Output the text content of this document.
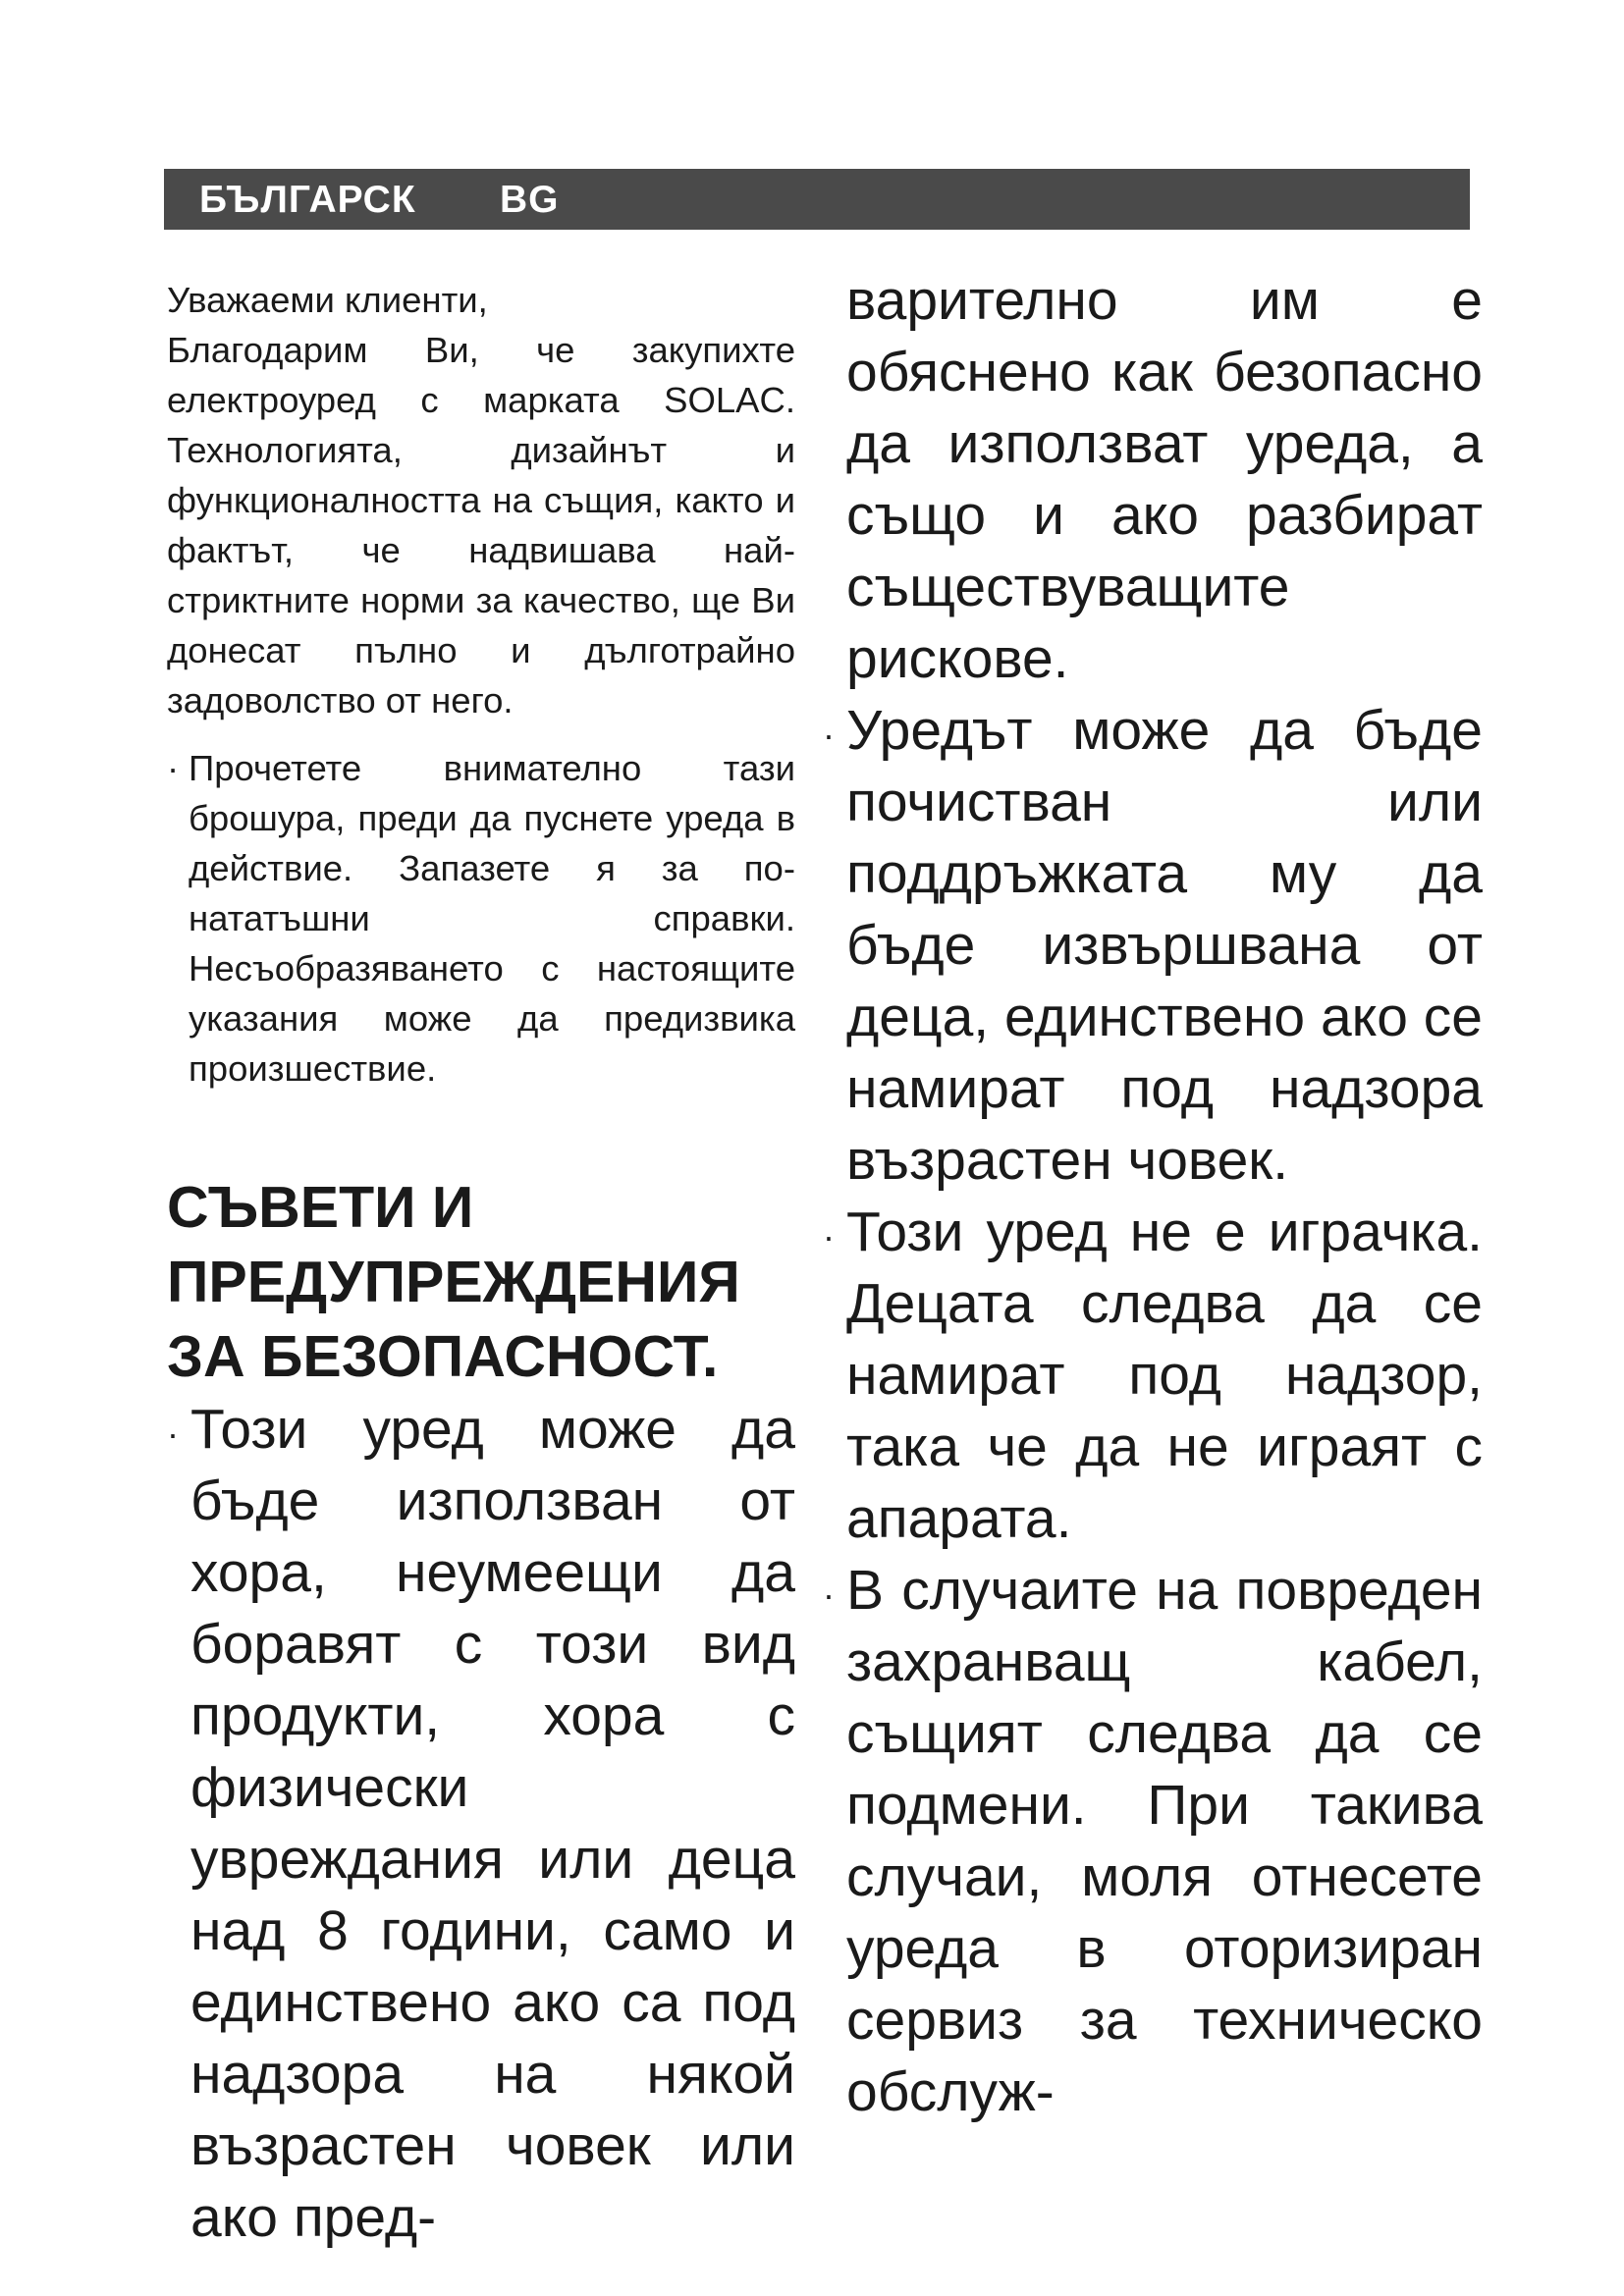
БЪЛГАРСК BG

Уважаеми клиенти,

Благодарим Ви, че закупихте електроуред с марката SOLAC. Технологията, дизайнът и функционалността на същия, както и фактът, че надвишава най-стриктните норми за качество, ще Ви донесат пълно и дълготрайно задоволство от него.

· Прочетете внимателно тази брошура, преди да пуснете уреда в действие. Запазете я за по-нататъшни справки. Несъобразяването с настоящите указания може да предизвика произшествие.
СЪВЕТИ И ПРЕДУПРЕЖДЕНИЯ ЗА БЕЗОПАСНОСТ.
· Този уред може да бъде използван от хора, неумеещи да боравят с този вид продукти, хора с физически увреждания или деца над 8 години, само и единствено ако са под надзора на някой възрастен човек или ако пред-
варително им е обяснено как безопасно да използват уреда, а също и ако разбират съществуващите рискове.
· Уредът може да бъде почистван или поддръжката му да бъде извършвана от деца, единствено ако се намират под надзора възрастен човек.
· Този уред не е играчка. Децата следва да се намират под надзор, така че да не играят с апарата.
· В случаите на повреден захранващ кабел, същият следва да се подмени. При такива случаи, моля отнесете уреда в оторизиран сервиз за техническо обслуж-
